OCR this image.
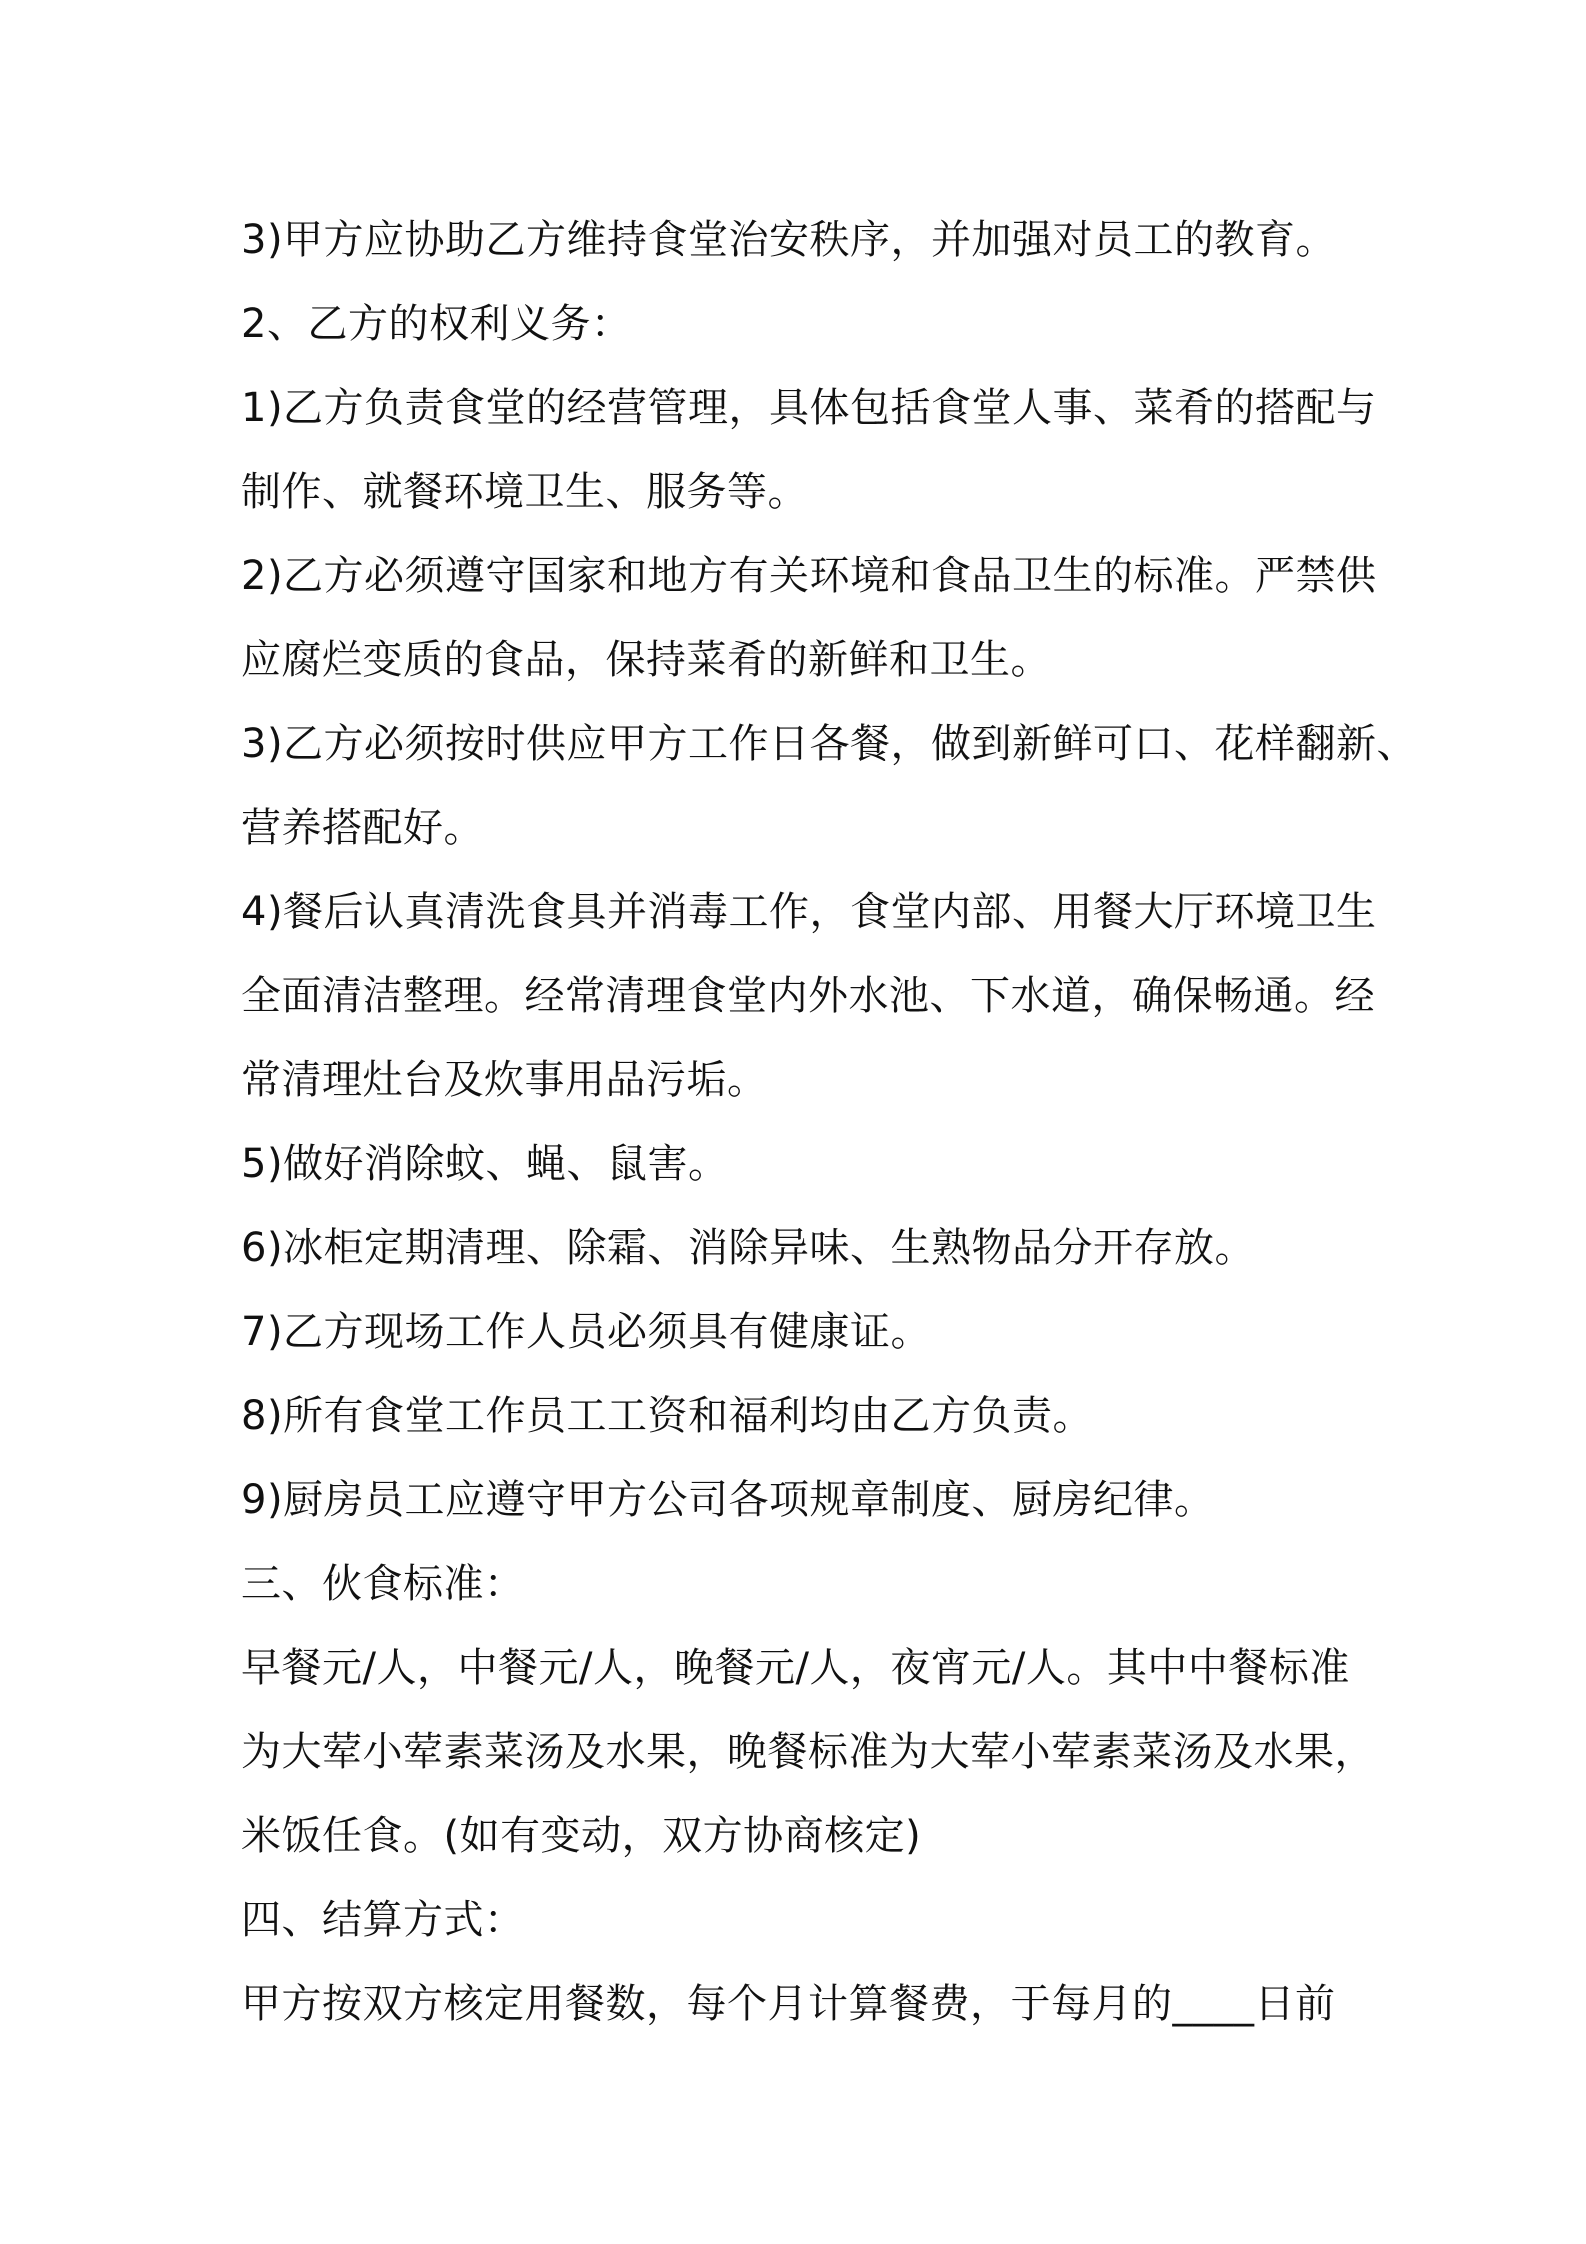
3)甲方应协助乙方维持食堂治安秩序，并加强对员工的教育。
2、乙方的权利义务：
1)乙方负责食堂的经营管理，具体包括食堂人事、菜肴的搭配与
制作、就餐环境卫生、服务等。
2)乙方必须遵守国家和地方有关环境和食品卫生的标准。严禁供
应腐烂变质的食品，保持菜肴的新鲜和卫生。
3)乙方必须按时供应甲方工作日各餐，做到新鲜可口、花样翻新、
营养搭配好。
4)餐后认真清洗食具并消毒工作，食堂内部、用餐大厅环境卫生
全面清洁整理。经常清理食堂内外水池、下水道，确保畅通。经
常清理灶台及炊事用品污垢。
5)做好消除蚊、蝇、鼠害。
6)冰柜定期清理、除霜、消除异味、生熟物品分开存放。
7)乙方现场工作人员必须具有健康证。
8)所有食堂工作员工工资和福利均由乙方负责。
9)厨房员工应遵守甲方公司各项规章制度、厨房纪律。
三、伙食标准：
早餐元/人，中餐元/人，晚餐元/人，夜宵元/人。其中中餐标准
为大荤小荤素菜汤及水果，晚餐标准为大荤小荤素菜汤及水果，
米饭任食。(如有变动，双方协商核定)
四、结算方式：
甲方按双方核定用餐数，每个月计算餐费，于每月的____日前
